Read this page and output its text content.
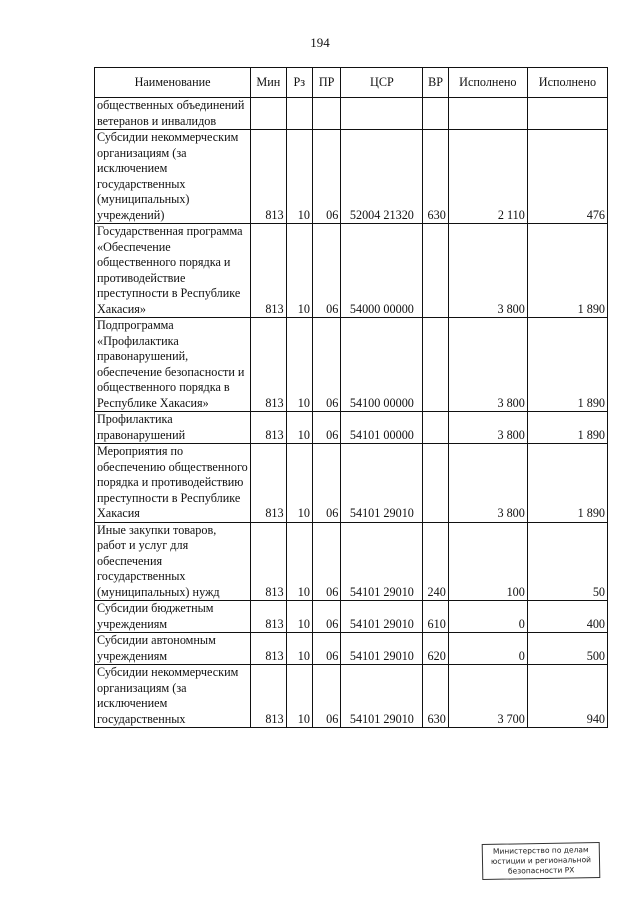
194
Наименование	Мин	Рз	ПР	ЦСР	ВР	Исполнено	Исполнено
общественных объединений ветеранов и инвалидов							
Субсидии некоммерческим организациям (за исключением государственных (муниципальных) учреждений)	813	10	06	52004 21320	630	2 110	476
Государственная программа «Обеспечение общественного порядка и противодействие преступности в Республике Хакасия»	813	10	06	54000 00000		3 800	1 890
Подпрограмма «Профилактика правонарушений, обеспечение безопасности и общественного порядка в Республике Хакасия»	813	10	06	54100 00000		3 800	1 890
Профилактика правонарушений	813	10	06	54101 00000		3 800	1 890
Мероприятия по обеспечению общественного порядка и противодействию преступности в Республике Хакасия	813	10	06	54101 29010		3 800	1 890
Иные закупки товаров, работ и услуг для обеспечения государственных (муниципальных) нужд	813	10	06	54101 29010	240	100	50
Субсидии бюджетным учреждениям	813	10	06	54101 29010	610	0	400
Субсидии автономным учреждениям	813	10	06	54101 29010	620	0	500
Субсидии некоммерческим организациям (за исключением государственных	813	10	06	54101 29010	630	3 700	940
Министерство по делам юстиции и региональной безопасности РХ
